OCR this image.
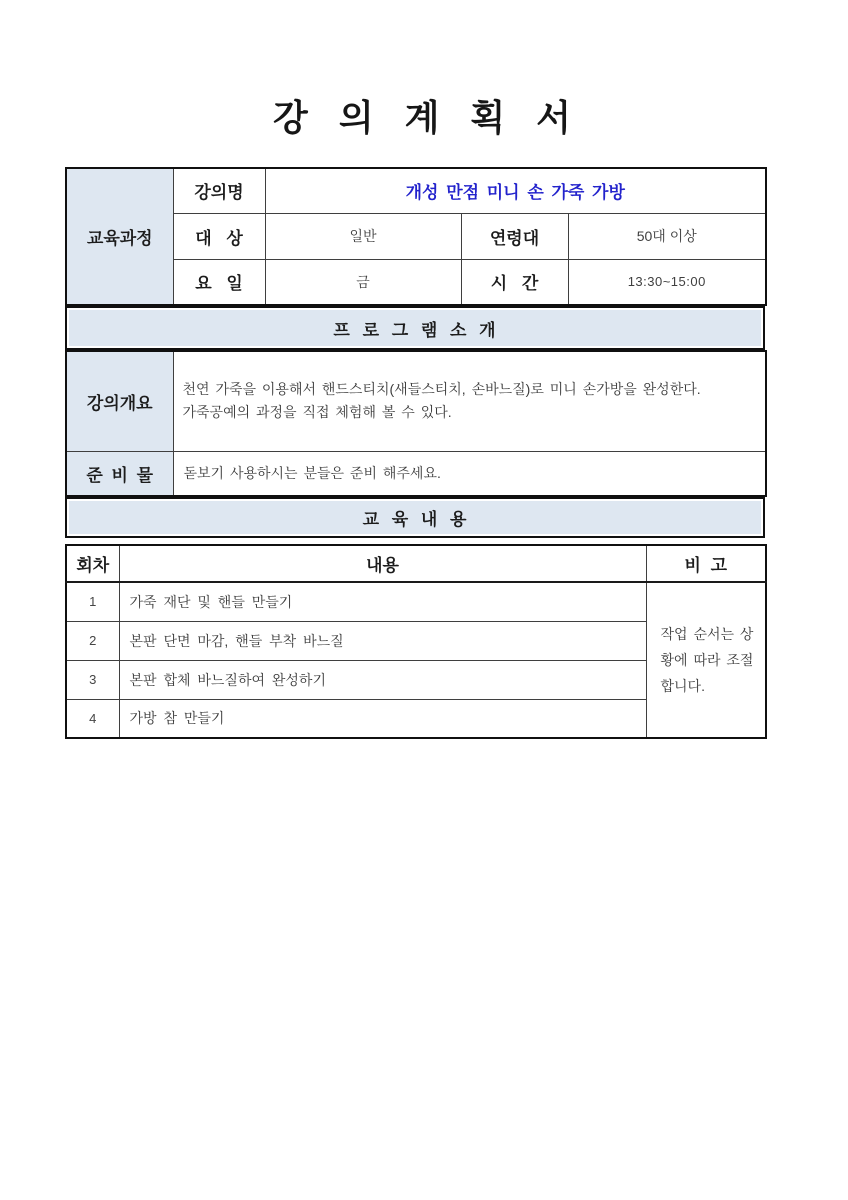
강 의 계 획 서
교육과정	강의명	개성 만점 미니 손 가죽 가방		
	대 상	일반	연령대	50대 이상
	요 일	금	시 간	13:30~15:00
프 로 그 램 소 개
강의개요	천연 가죽을 이용해서 핸드스티치(새들스티치, 손바느질)로 미니 손가방을 완성한다.
가죽공예의 과정을 직접 체험해 볼 수 있다.

준 비 물	돋보기 사용하시는 분들은 준비 해주세요.
교 육 내 용
회차	내용	비 고
1	가죽 재단 및 핸들 만들기	작업 순서는 상황에 따라 조절합니다.
2	본판 단면 마감, 핸들 부착 바느질	
3	본판 합체 바느질하여 완성하기	
4	가방 참 만들기	
